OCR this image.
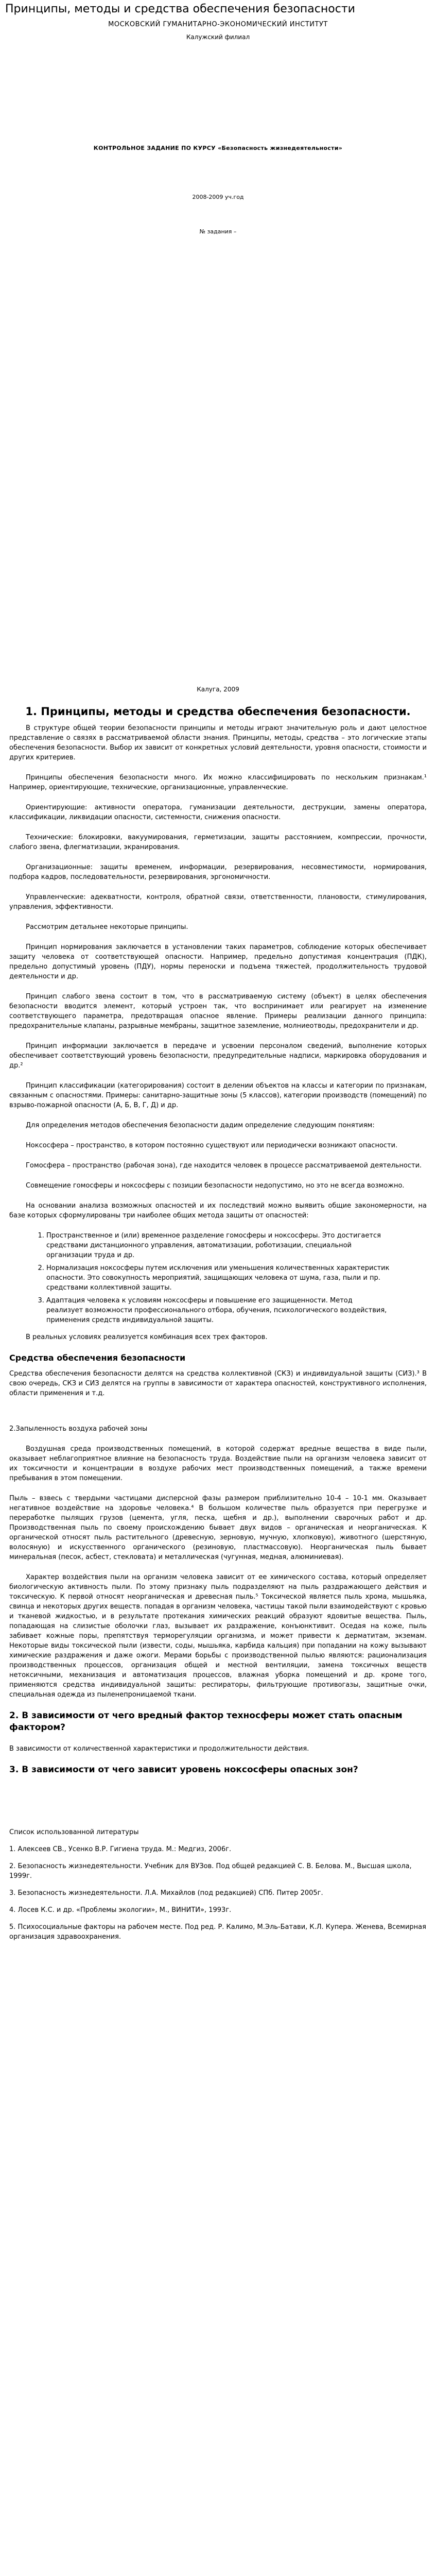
Принципы, методы и средства обеспечения безопасности

МОСКОВСКИЙ ГУМАНИТАРНО-ЭКОНОМИЧЕСКИЙ ИНСТИТУТ

Калужский филиал

КОНТРОЛЬНОЕ ЗАДАНИЕ ПО КУРСУ «Безопасность жизнедеятельности»

2008-2009 уч.год

№ задания –

Калуга, 2009

1. Принципы, методы и средства обеспечения безопасности.

В структуре общей теории безопасности принципы и методы играют значительную роль и дают целостное представление о связях в рассматриваемой области знания. Принципы, методы, средства – это логические этапы обеспечения безопасности. Выбор их зависит от конкретных условий деятельности, уровня опасности, стоимости и других критериев.

Принципы обеспечения безопасности много. Их можно классифицировать по нескольким признакам.¹ Например, ориентирующие, технические, организационные, управленческие.

Ориентирующие: активности оператора, гуманизации деятельности, деструкции, замены оператора, классификации, ликвидации опасности, системности, снижения опасности.

Технические: блокировки, вакуумирования, герметизации, защиты расстоянием, компрессии, прочности, слабого звена, флегматизации, экранирования.

Организационные: защиты временем, информации, резервирования, несовместимости, нормирования, подбора кадров, последовательности, резервирования, эргономичности.

Управленческие: адекватности, контроля, обратной связи, ответственности, плановости, стимулирования, управления, эффективности.

Рассмотрим детальнее некоторые принципы.

Принцип нормирования заключается в установлении таких параметров, соблюдение которых обеспечивает защиту человека от соответствующей опасности. Например, предельно допустимая концентрация (ПДК), предельно допустимый уровень (ПДУ), нормы переноски и подъема тяжестей, продолжительность трудовой деятельности и др.

Принцип слабого звена состоит в том, что в рассматриваемую систему (объект) в целях обеспечения безопасности вводится элемент, который устроен так, что воспринимает или реагирует на изменение соответствующего параметра, предотвращая опасное явление. Примеры реализации данного принципа: предохранительные клапаны, разрывные мембраны, защитное заземление, молниеотводы, предохранители и др.

Принцип информации заключается в передаче и усвоении персоналом сведений, выполнение которых обеспечивает соответствующий уровень безопасности, предупредительные надписи, маркировка оборудования и др.²

Принцип классификации (категорирования) состоит в делении объектов на классы и категории по признакам, связанным с опасностями. Примеры: санитарно-защитные зоны (5 классов), категории производств (помещений) по взрыво-пожарной опасности (А, Б, В, Г, Д) и др.

Для определения методов обеспечения безопасности дадим определение следующим понятиям:

Ноксосфера – пространство, в котором постоянно существуют или периодически возникают опасности.

Гомосфера – пространство (рабочая зона), где находится человек в процессе рассматриваемой деятельности.

Совмещение гомосферы и ноксосферы с позиции безопасности недопустимо, но это не всегда возможно.

На основании анализа возможных опасностей и их последствий можно выявить общие закономерности, на базе которых сформулированы три наиболее общих метода защиты от опасностей:

1. Пространственное и (или) временное разделение гомосферы и ноксосферы. Это достигается средствами дистанционного управления, автоматизации, роботизации, специальной организации труда и др.
2. Нормализация ноксосферы путем исключения или уменьшения количественных характеристик опасности. Это совокупность мероприятий, защищающих человека от шума, газа, пыли и пр. средствами коллективной защиты.
3. Адаптация человека к условиям ноксосферы и повышение его защищенности. Метод реализует возможности профессионального отбора, обучения, психологического воздействия, применения средств индивидуальной защиты.

В реальных условиях реализуется комбинация всех трех факторов.

Средства обеспечения безопасности

Средства обеспечения безопасности делятся на средства коллективной (СКЗ) и индивидуальной защиты (СИЗ).³ В свою очередь, СКЗ и СИЗ делятся на группы в зависимости от характера опасностей, конструктивного исполнения, области применения и т.д.

2.Запыленность воздуха рабочей зоны

Воздушная среда производственных помещений, в которой содержат вредные вещества в виде пыли, оказывает неблагоприятное влияние на безопасность труда. Воздействие пыли на организм человека зависит от их токсичности и концентрации в воздухе рабочих мест производственных помещений, а также времени пребывания в этом помещении.

Пыль – взвесь с твердыми частицами дисперсной фазы размером приблизительно 10-4 – 10-1 мм. Оказывает негативное воздействие на здоровье человека.⁴ В большом количестве пыль образуется при перегрузке и переработке пылящих грузов (цемента, угля, песка, щебня и др.), выполнении сварочных работ и др. Производственная пыль по своему происхождению бывает двух видов – органическая и неорганическая. К органической относят пыль растительного (древесную, зерновую, мучную, хлопковую), животного (шерстяную, волосяную) и искусственного органического (резиновую, пластмассовую). Неорганическая пыль бывает минеральная (песок, асбест, стекловата) и металлическая (чугунная, медная, алюминиевая).

Характер воздействия пыли на организм человека зависит от ее химического состава, который определяет биологическую активность пыли. По этому признаку пыль подразделяют на пыль раздражающего действия и токсическую. К первой относят неорганическая и древесная пыль.⁵ Токсической является пыль хрома, мышьяка, свинца и некоторых других веществ. попадая в организм человека, частицы такой пыли взаимодействуют с кровью и тканевой жидкостью, и в результате протекания химических реакций образуют ядовитые вещества. Пыль, попадающая на слизистые оболочки глаз, вызывает их раздражение, конъюнктивит. Оседая на коже, пыль забивает кожные поры, препятствуя терморегуляции организма, и может привести к дерматитам, экземам. Некоторые виды токсической пыли (извести, соды, мышьяка, карбида кальция) при попадании на кожу вызывают химические раздражения и даже ожоги. Мерами борьбы с производственной пылью являются: рационализация производственных процессов, организация общей и местной вентиляции, замена токсичных веществ нетоксичными, механизация и автоматизация процессов, влажная уборка помещений и др. кроме того, применяются средства индивидуальной защиты: респираторы, фильтрующие противогазы, защитные очки, специальная одежда из пыленепроницаемой ткани.

2. В зависимости от чего вредный фактор техносферы может стать опасным фактором?

В зависимости от количественной характеристики и продолжительности действия.

3. В зависимости от чего зависит уровень ноксосферы опасных зон?

Список использованной литературы

1. Алексеев СВ., Усенко В.Р. Гигиена труда. М.: Медгиз, 2006г.

2. Безопасность жизнедеятельности. Учебник для ВУЗов. Под общей редакцией С. В. Белова. М., Высшая школа, 1999г.

3. Безопасность жизнедеятельности. Л.А. Михайлов (под редакцией) СПб. Питер 2005г.

4. Лосев К.С. и др. «Проблемы экологии», М., ВИНИТИ», 1993г.

5. Психосоциальные факторы на рабочем месте. Под ред. Р. Калимо, М.Эль-Батави, К.Л. Купера. Женева, Всемирная организация здравоохранения.
